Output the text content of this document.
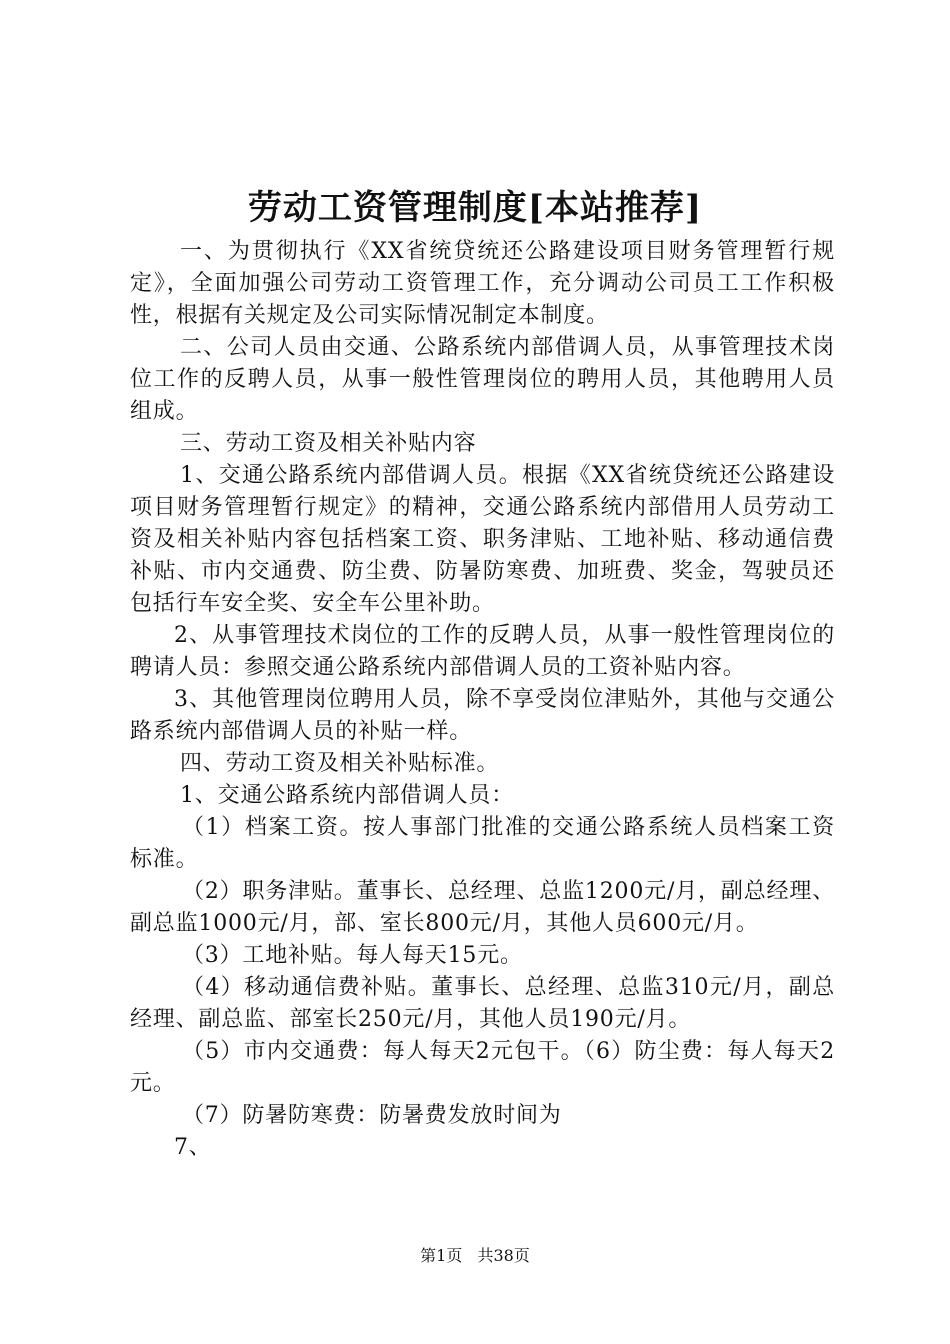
劳动工资管理制度[本站推荐]

一、为贯彻执行《XX省统贷统还公路建设项目财务管理暂行规定》，全面加强公司劳动工资管理工作，充分调动公司员工工作积极性，根据有关规定及公司实际情况制定本制度。

二、公司人员由交通、公路系统内部借调人员，从事管理技术岗位工作的反聘人员，从事一般性管理岗位的聘用人员，其他聘用人员组成。

三、劳动工资及相关补贴内容

1、交通公路系统内部借调人员。根据《XX省统贷统还公路建设项目财务管理暂行规定》的精神，交通公路系统内部借用人员劳动工资及相关补贴内容包括档案工资、职务津贴、工地补贴、移动通信费补贴、市内交通费、防尘费、防暑防寒费、加班费、奖金，驾驶员还包括行车安全奖、安全车公里补助。

2、从事管理技术岗位的工作的反聘人员，从事一般性管理岗位的聘请人员：参照交通公路系统内部借调人员的工资补贴内容。

3、其他管理岗位聘用人员，除不享受岗位津贴外，其他与交通公路系统内部借调人员的补贴一样。

四、劳动工资及相关补贴标准。

1、交通公路系统内部借调人员：

（1）档案工资。按人事部门批准的交通公路系统人员档案工资标准。

（2）职务津贴。董事长、总经理、总监1200元/月，副总经理、副总监1000元/月，部、室长800元/月，其他人员600元/月。

（3）工地补贴。每人每天15元。

（4）移动通信费补贴。董事长、总经理、总监310元/月，副总经理、副总监、部室长250元/月，其他人员190元/月。

（5）市内交通费：每人每天2元包干。（6）防尘费：每人每天2元。

（7）防暑防寒费：防暑费发放时间为

7、

第1页 共38页
